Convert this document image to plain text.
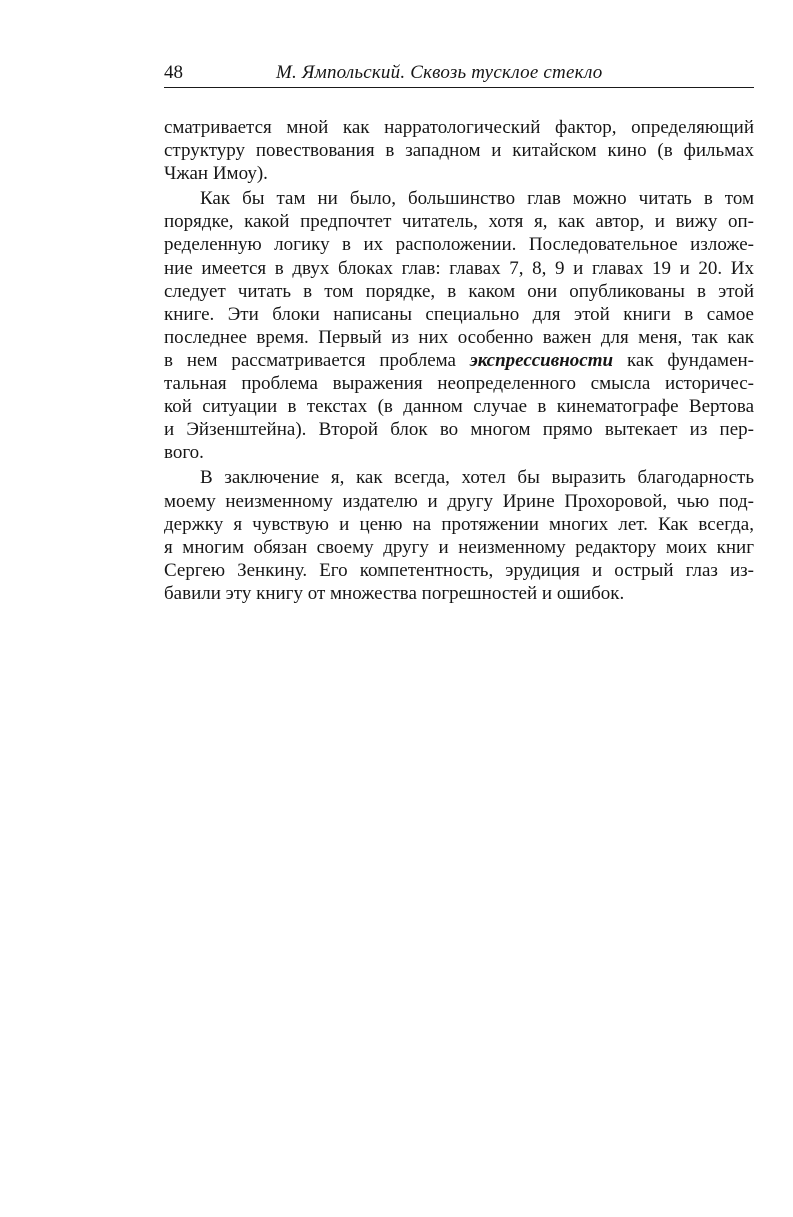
48	М. Ямпольский. Сквозь тусклое стекло
сматривается мной как нарратологический фактор, определяющий
структуру повествования в западном и китайском кино (в фильмах
Чжан Имоу).
Как бы там ни было, большинство глав можно читать в том
порядке, какой предпочтет читатель, хотя я, как автор, и вижу оп-
ределенную логику в их расположении. Последовательное изложе-
ние имеется в двух блоках глав: главах 7, 8, 9 и главах 19 и 20. Их
следует читать в том порядке, в каком они опубликованы в этой
книге. Эти блоки написаны специально для этой книги в самое
последнее время. Первый из них особенно важен для меня, так как
в нем рассматривается проблема экспрессивности как фундамен-
тальная проблема выражения неопределенного смысла историчес-
кой ситуации в текстах (в данном случае в кинематографе Вертова
и Эйзенштейна). Второй блок во многом прямо вытекает из пер-
вого.
В заключение я, как всегда, хотел бы выразить благодарность
моему неизменному издателю и другу Ирине Прохоровой, чью под-
держку я чувствую и ценю на протяжении многих лет. Как всегда,
я многим обязан своему другу и неизменному редактору моих книг
Сергею Зенкину. Его компетентность, эрудиция и острый глаз из-
бавили эту книгу от множества погрешностей и ошибок.
